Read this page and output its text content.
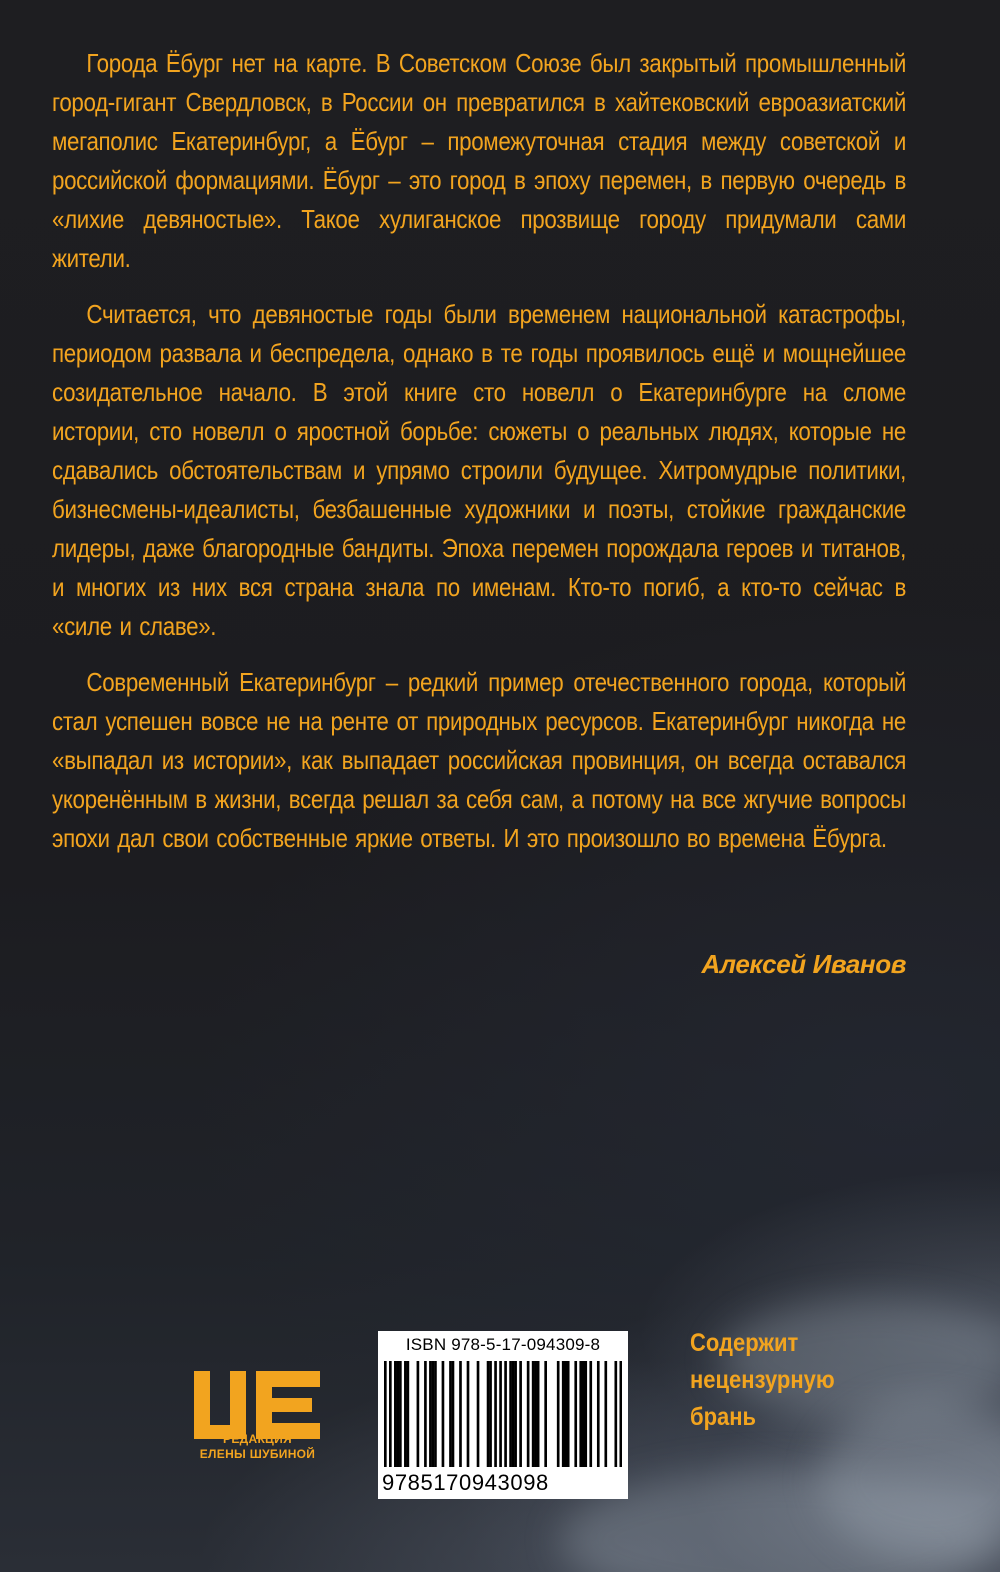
Города Ёбург нет на карте. В Советском Союзе был закрытый промышленный город-гигант Свердловск, в России он превратился в хайтековский евроазиатский мегаполис Екатеринбург, а Ёбург – промежуточная стадия между советской и российской формациями. Ёбург – это город в эпоху перемен, в первую очередь в «лихие девяностые». Такое хулиганское прозвище городу придумали сами жители.

Считается, что девяностые годы были временем национальной катастрофы, периодом развала и беспредела, однако в те годы проявилось ещё и мощнейшее созидательное начало. В этой книге сто новелл о Екатеринбурге на сломе истории, сто новелл о яростной борьбе: сюжеты о реальных людях, которые не сдавались обстоятельствам и упрямо строили будущее. Хитромудрые политики, бизнесмены-идеалисты, безбашенные художники и поэты, стойкие гражданские лидеры, даже благородные бандиты. Эпоха перемен порождала героев и титанов, и многих из них вся страна знала по именам. Кто-то погиб, а кто-то сейчас в «силе и славе».

Современный Екатеринбург – редкий пример отечественного города, который стал успешен вовсе не на ренте от природных ресурсов. Екатеринбург никогда не «выпадал из истории», как выпадает российская провинция, он всегда оставался укоренённым в жизни, всегда решал за себя сам, а потому на все жгучие вопросы эпохи дал свои собственные яркие ответы. И это произошло во времена Ёбурга.

Алексей Иванов
РЕДАКЦИЯ
ЕЛЕНЫ ШУБИНОЙ
ISBN 978-5-17-094309-8
9785170943098
Содержит
нецензурную
брань
